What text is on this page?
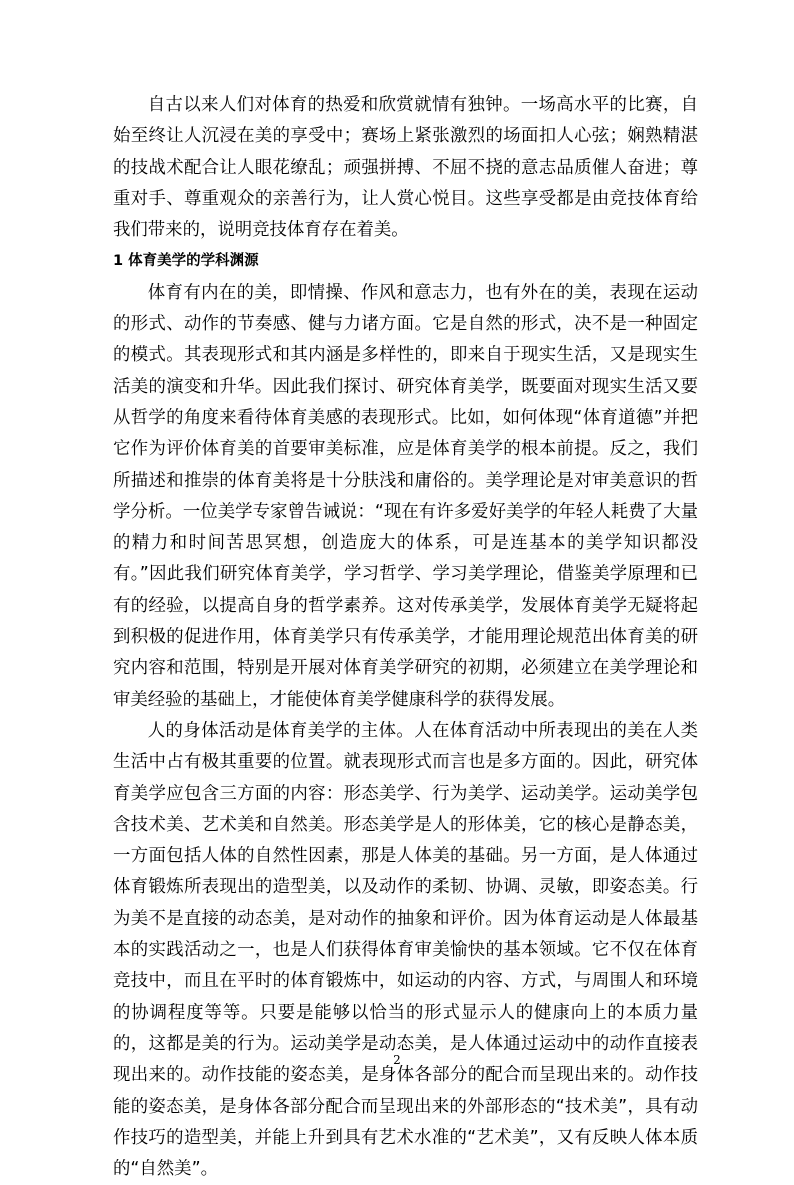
自古以来人们对体育的热爱和欣赏就情有独钟。一场高水平的比赛，自始至终让人沉浸在美的享受中；赛场上紧张激烈的场面扣人心弦；娴熟精湛的技战术配合让人眼花缭乱；顽强拼搏、不屈不挠的意志品质催人奋进；尊重对手、尊重观众的亲善行为，让人赏心悦目。这些享受都是由竞技体育给我们带来的，说明竞技体育存在着美。

1 体育美学的学科渊源

体育有内在的美，即情操、作风和意志力，也有外在的美，表现在运动的形式、动作的节奏感、健与力诸方面。它是自然的形式，决不是一种固定的模式。其表现形式和其内涵是多样性的，即来自于现实生活，又是现实生活美的演变和升华。因此我们探讨、研究体育美学，既要面对现实生活又要从哲学的角度来看待体育美感的表现形式。比如，如何体现“体育道德”并把它作为评价体育美的首要审美标准，应是体育美学的根本前提。反之，我们所描述和推崇的体育美将是十分肤浅和庸俗的。美学理论是对审美意识的哲学分析。一位美学专家曾告诫说：“现在有许多爱好美学的年轻人耗费了大量的精力和时间苦思冥想，创造庞大的体系，可是连基本的美学知识都没有。”因此我们研究体育美学，学习哲学、学习美学理论，借鉴美学原理和已有的经验，以提高自身的哲学素养。这对传承美学，发展体育美学无疑将起到积极的促进作用，体育美学只有传承美学，才能用理论规范出体育美的研究内容和范围，特别是开展对体育美学研究的初期，必须建立在美学理论和审美经验的基础上，才能使体育美学健康科学的获得发展。

人的身体活动是体育美学的主体。人在体育活动中所表现出的美在人类生活中占有极其重要的位置。就表现形式而言也是多方面的。因此，研究体育美学应包含三方面的内容：形态美学、行为美学、运动美学。运动美学包含技术美、艺术美和自然美。形态美学是人的形体美，它的核心是静态美，一方面包括人体的自然性因素，那是人体美的基础。另一方面，是人体通过体育锻炼所表现出的造型美，以及动作的柔韧、协调、灵敏，即姿态美。行为美不是直接的动态美，是对动作的抽象和评价。因为体育运动是人体最基本的实践活动之一，也是人们获得体育审美愉快的基本领域。它不仅在体育竞技中，而且在平时的体育锻炼中，如运动的内容、方式，与周围人和环境的协调程度等等。只要是能够以恰当的形式显示人的健康向上的本质力量的，这都是美的行为。运动美学是动态美，是人体通过运动中的动作直接表现出来的。动作技能的姿态美，是身体各部分的配合而呈现出来的。动作技能的姿态美，是身体各部分配合而呈现出来的外部形态的“技术美”，具有动作技巧的造型美，并能上升到具有艺术水准的“艺术美”，又有反映人体本质的“自然美”。

2
